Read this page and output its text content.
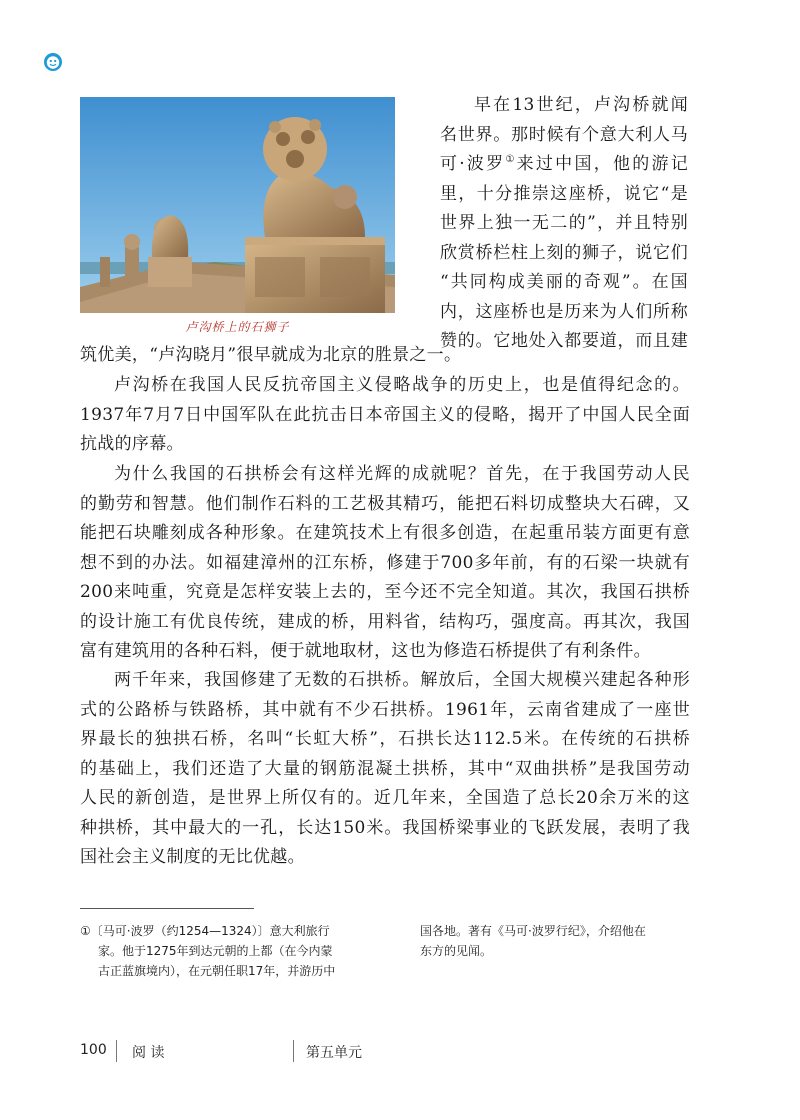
卢沟桥上的石狮子
早在13世纪，卢沟桥就闻
名世界。那时候有个意大利人马
可·波罗①来过中国，他的游记
里，十分推崇这座桥，说它“是
世界上独一无二的”，并且特别
欣赏桥栏柱上刻的狮子，说它们
“共同构成美丽的奇观”。在国
内，这座桥也是历来为人们所称
赞的。它地处入都要道，而且建
筑优美，“卢沟晓月”很早就成为北京的胜景之一。
卢沟桥在我国人民反抗帝国主义侵略战争的历史上，也是值得纪念的。
1937年7月7日中国军队在此抗击日本帝国主义的侵略，揭开了中国人民全面
抗战的序幕。
为什么我国的石拱桥会有这样光辉的成就呢？首先，在于我国劳动人民
的勤劳和智慧。他们制作石料的工艺极其精巧，能把石料切成整块大石碑，又
能把石块雕刻成各种形象。在建筑技术上有很多创造，在起重吊装方面更有意
想不到的办法。如福建漳州的江东桥，修建于700多年前，有的石梁一块就有
200来吨重，究竟是怎样安装上去的，至今还不完全知道。其次，我国石拱桥
的设计施工有优良传统，建成的桥，用料省，结构巧，强度高。再其次，我国
富有建筑用的各种石料，便于就地取材，这也为修造石桥提供了有利条件。
两千年来，我国修建了无数的石拱桥。解放后，全国大规模兴建起各种形
式的公路桥与铁路桥，其中就有不少石拱桥。1961年，云南省建成了一座世
界最长的独拱石桥，名叫“长虹大桥”，石拱长达112.5米。在传统的石拱桥
的基础上，我们还造了大量的钢筋混凝土拱桥，其中“双曲拱桥”是我国劳动
人民的新创造，是世界上所仅有的。近几年来，全国造了总长20余万米的这
种拱桥，其中最大的一孔，长达150米。我国桥梁事业的飞跃发展，表明了我
国社会主义制度的无比优越。
①〔马可·波罗（约1254—1324）〕意大利旅行
家。他于1275年到达元朝的上都（在今内蒙
古正蓝旗境内），在元朝任职17年，并游历中
国各地。著有《马可·波罗行纪》，介绍他在
东方的见闻。
100 阅 读	第五单元
